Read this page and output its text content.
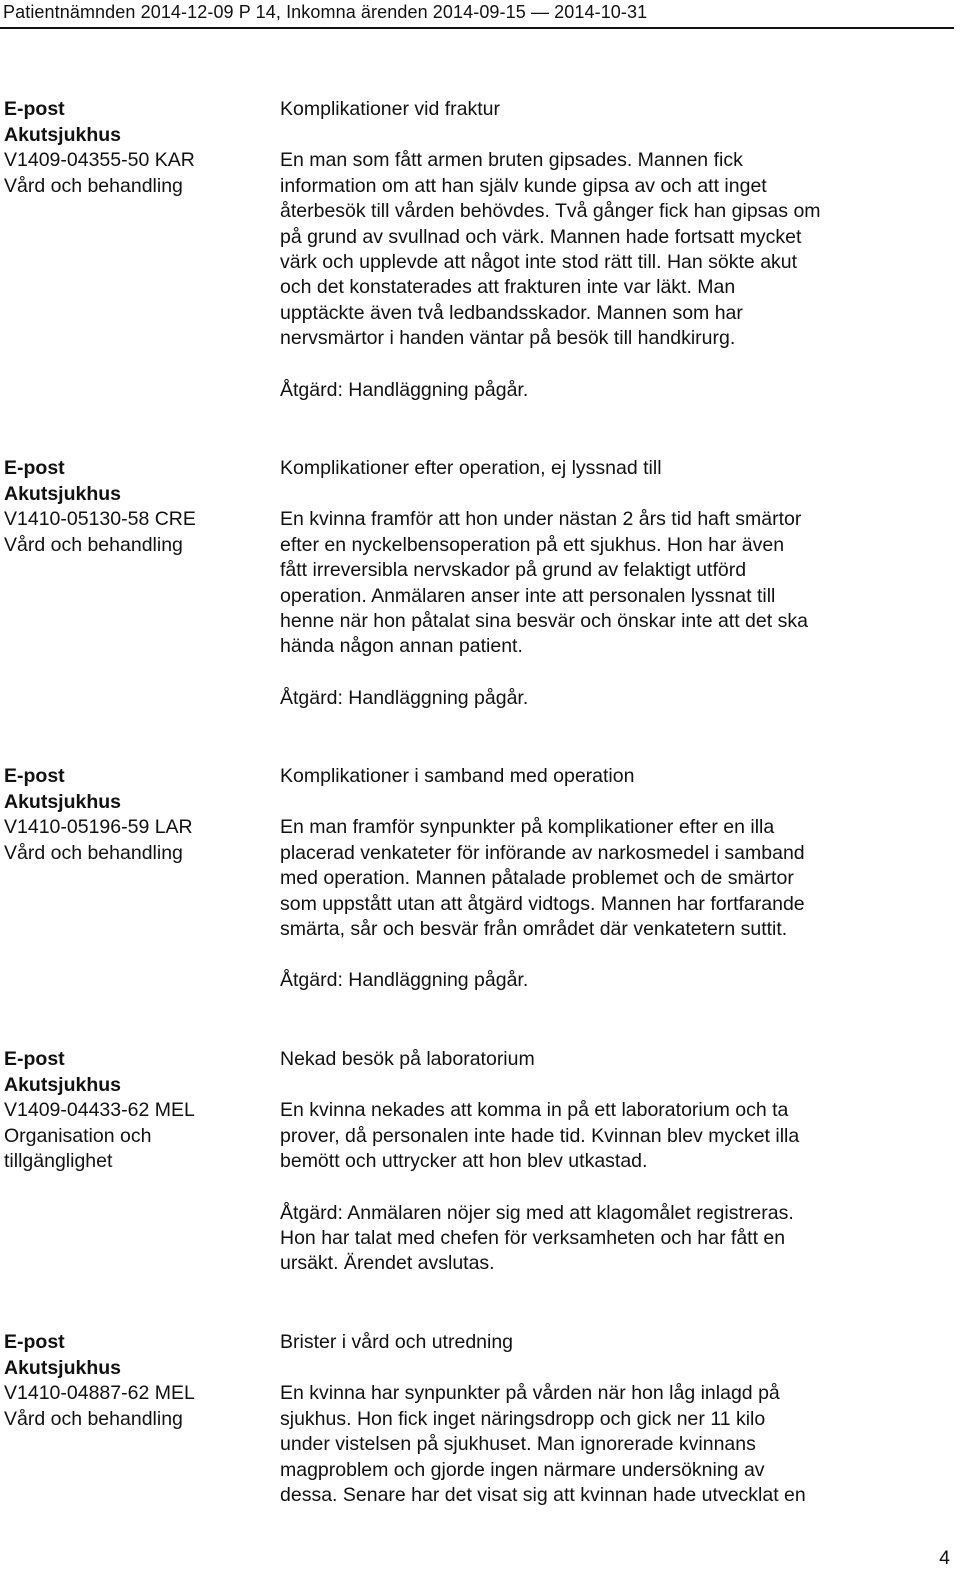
Patientnämnden 2014-12-09 P 14, Inkomna ärenden 2014-09-15 — 2014-10-31
E-post
Akutsjukhus
V1409-04355-50 KAR
Vård och behandling
Komplikationer vid fraktur
En man som fått armen bruten gipsades. Mannen fick
information om att han själv kunde gipsa av och att inget
återbesök till vården behövdes. Två gånger fick han gipsas om
på grund av svullnad och värk. Mannen hade fortsatt mycket
värk och upplevde att något inte stod rätt till. Han sökte akut
och det konstaterades att frakturen inte var läkt. Man
upptäckte även två ledbandsskador. Mannen som har
nervsmärtor i handen väntar på besök till handkirurg.
Åtgärd: Handläggning pågår.
E-post
Akutsjukhus
V1410-05130-58 CRE
Vård och behandling
Komplikationer efter operation, ej lyssnad till
En kvinna framför att hon under nästan 2 års tid haft smärtor
efter en nyckelbensoperation på ett sjukhus. Hon har även
fått irreversibla nervskador på grund av felaktigt utförd
operation. Anmälaren anser inte att personalen lyssnat till
henne när hon påtalat sina besvär och önskar inte att det ska
hända någon annan patient.
Åtgärd: Handläggning pågår.
E-post
Akutsjukhus
V1410-05196-59 LAR
Vård och behandling
Komplikationer i samband med operation
En man framför synpunkter på komplikationer efter en illa
placerad venkateter för införande av narkosmedel i samband
med operation. Mannen påtalade problemet och de smärtor
som uppstått utan att åtgärd vidtogs. Mannen har fortfarande
smärta, sår och besvär från området där venkatetern suttit.
Åtgärd: Handläggning pågår.
E-post
Akutsjukhus
V1409-04433-62 MEL
Organisation och
tillgänglighet
Nekad besök på laboratorium
En kvinna nekades att komma in på ett laboratorium och ta
prover, då personalen inte hade tid. Kvinnan blev mycket illa
bemött och uttrycker att hon blev utkastad.
Åtgärd: Anmälaren nöjer sig med att klagomålet registreras.
Hon har talat med chefen för verksamheten och har fått en
ursäkt. Ärendet avslutas.
E-post
Akutsjukhus
V1410-04887-62 MEL
Vård och behandling
Brister i vård och utredning
En kvinna har synpunkter på vården när hon låg inlagd på
sjukhus. Hon fick inget näringsdropp och gick ner 11 kilo
under vistelsen på sjukhuset. Man ignorerade kvinnans
magproblem och gjorde ingen närmare undersökning av
dessa. Senare har det visat sig att kvinnan hade utvecklat en
4
